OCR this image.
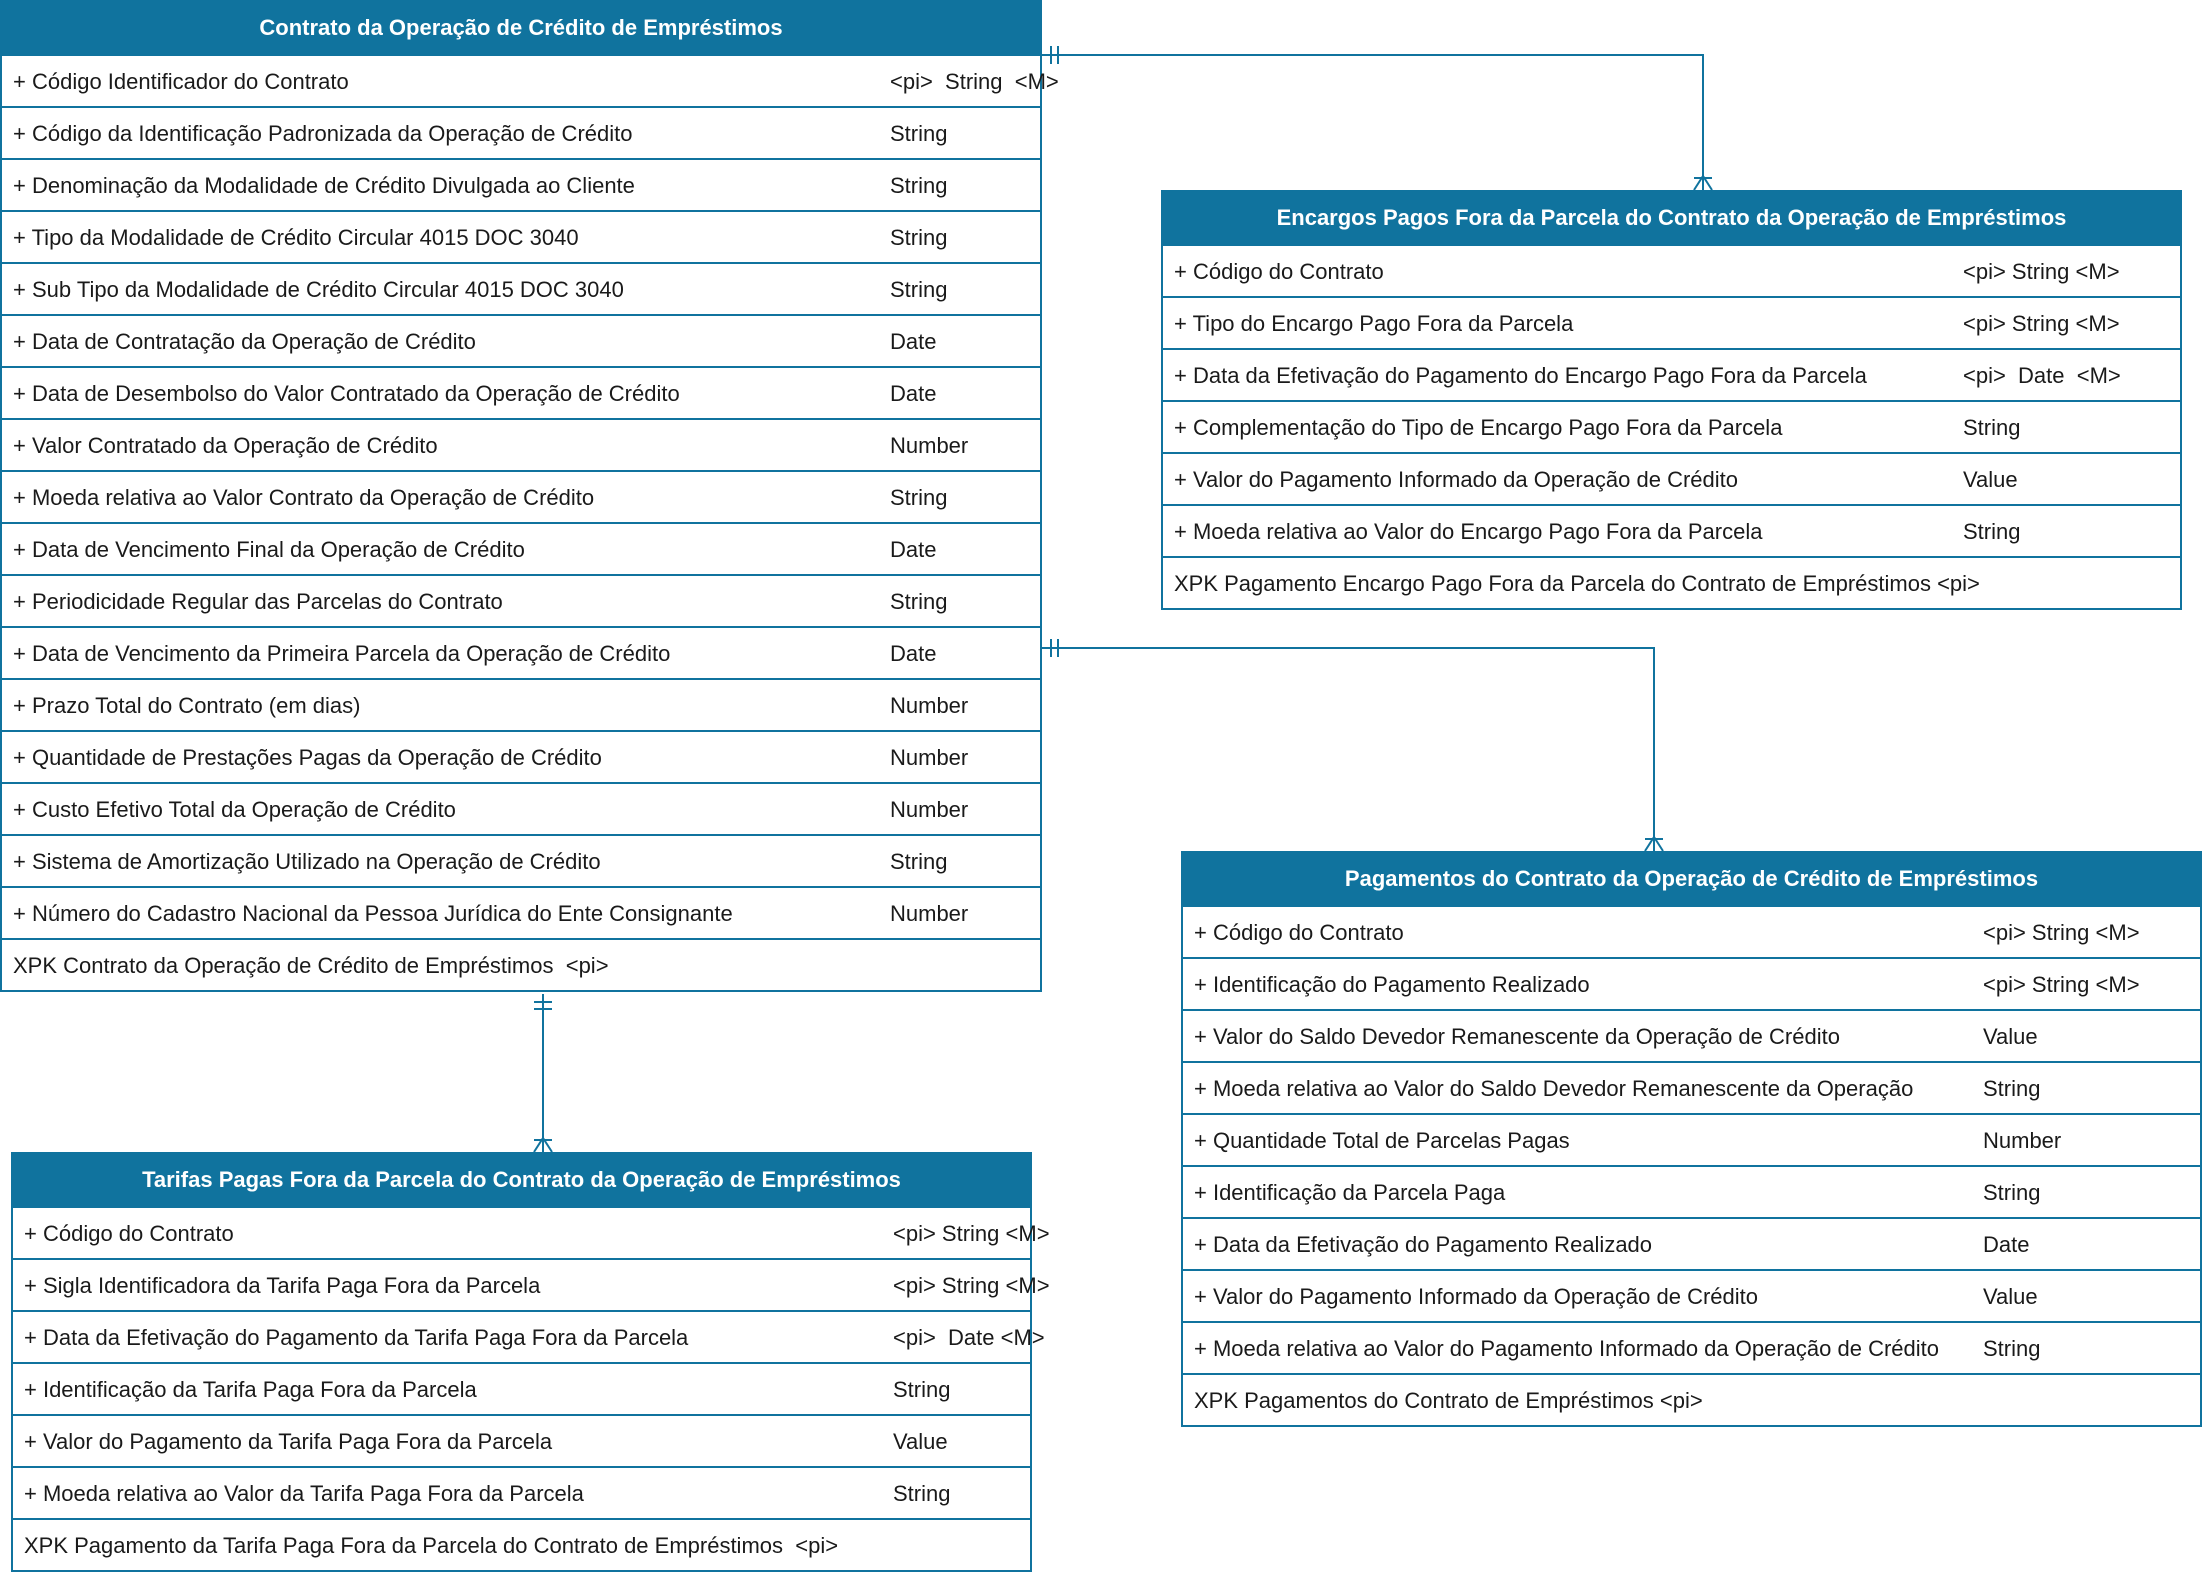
Contrato da Operação de Crédito de Empréstimos
+ Código Identificador do Contrato	<pi>  String  <M>
+ Código da Identificação Padronizada da Operação de Crédito	String
+ Denominação da Modalidade de Crédito Divulgada ao Cliente	String
+ Tipo da Modalidade de Crédito Circular 4015 DOC 3040	String
+ Sub Tipo da Modalidade de Crédito Circular 4015 DOC 3040	String
+ Data de Contratação da Operação de Crédito	Date
+ Data de Desembolso do Valor Contratado da Operação de Crédito	Date
+ Valor Contratado da Operação de Crédito	Number
+ Moeda relativa ao Valor Contrato da Operação de Crédito	String
+ Data de Vencimento Final da Operação de Crédito	Date
+ Periodicidade Regular das Parcelas do Contrato	String
+ Data de Vencimento da Primeira Parcela da Operação de Crédito	Date
+ Prazo Total do Contrato (em dias)	Number
+ Quantidade de Prestações Pagas da Operação de Crédito	Number
+ Custo Efetivo Total da Operação de Crédito	Number
+ Sistema de Amortização Utilizado na Operação de Crédito	String
+ Número do Cadastro Nacional da Pessoa Jurídica do Ente Consignante	Number
XPK Contrato da Operação de Crédito de Empréstimos  <pi>
Encargos Pagos Fora da Parcela do Contrato da Operação de Empréstimos
+ Código do Contrato	<pi> String <M>
+ Tipo do Encargo Pago Fora da Parcela	<pi> String <M>
+ Data da Efetivação do Pagamento do Encargo Pago Fora da Parcela	<pi>  Date  <M>
+ Complementação do Tipo de Encargo Pago Fora da Parcela	String
+ Valor do Pagamento Informado da Operação de Crédito	Value
+ Moeda relativa ao Valor do Encargo Pago Fora da Parcela	String
XPK Pagamento Encargo Pago Fora da Parcela do Contrato de Empréstimos <pi>
Pagamentos do Contrato da Operação de Crédito de Empréstimos
+ Código do Contrato	<pi> String <M>
+ Identificação do Pagamento Realizado	<pi> String <M>
+ Valor do Saldo Devedor Remanescente da Operação de Crédito	Value
+ Moeda relativa ao Valor do Saldo Devedor Remanescente da Operação	String
+ Quantidade Total de Parcelas Pagas	Number
+ Identificação da Parcela Paga	String
+ Data da Efetivação do Pagamento Realizado	Date
+ Valor do Pagamento Informado da Operação de Crédito	Value
+ Moeda relativa ao Valor do Pagamento Informado da Operação de Crédito String
XPK Pagamentos do Contrato de Empréstimos <pi>
Tarifas Pagas Fora da Parcela do Contrato da Operação de Empréstimos
+ Código do Contrato	<pi> String <M>
+ Sigla Identificadora da Tarifa Paga Fora da Parcela	<pi> String <M>
+ Data da Efetivação do Pagamento da Tarifa Paga Fora da Parcela	<pi>  Date <M>
+ Identificação da Tarifa Paga Fora da Parcela	String
+ Valor do Pagamento da Tarifa Paga Fora da Parcela	Value
+ Moeda relativa ao Valor da Tarifa Paga Fora da Parcela	String
XPK Pagamento da Tarifa Paga Fora da Parcela do Contrato de Empréstimos  <pi>
